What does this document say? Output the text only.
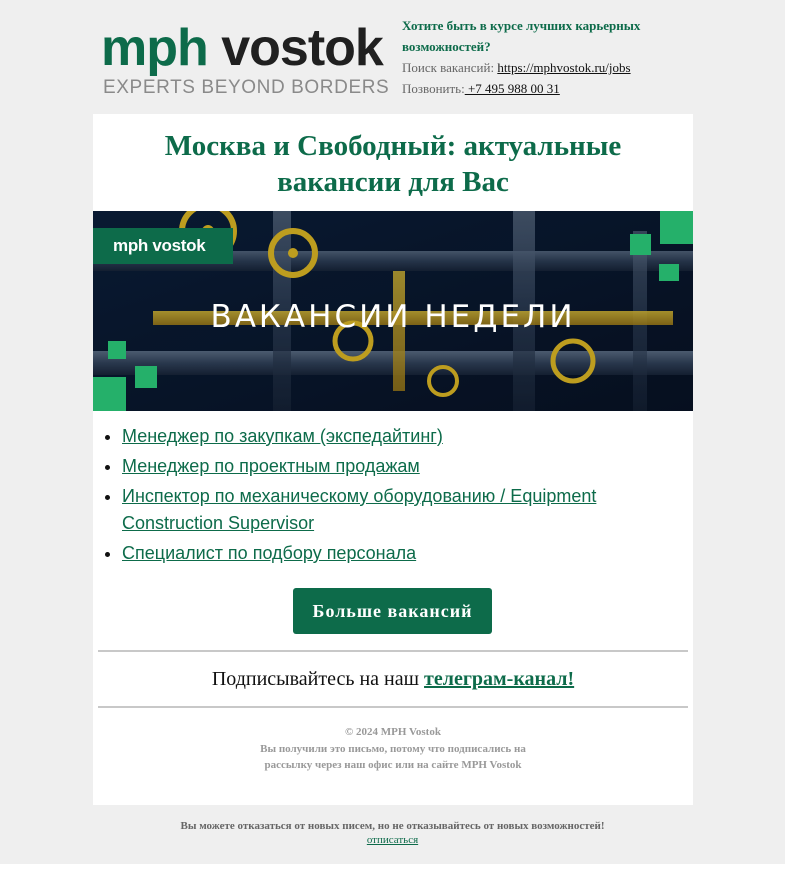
mph vostok
EXPERTS BEYOND BORDERS
Хотите быть в курсе лучших карьерных возможностей?
Поиск вакансий: https://mphvostok.ru/jobs
Позвонить: +7 495 988 00 31
Москва и Свободный: актуальные вакансии для Вас
mph vostok
ВАКАНСИИ НЕДЕЛИ
• Менеджер по закупкам (экспедайтинг)
• Менеджер по проектным продажам
• Инспектор по механическому оборудованию / Equipment Construction Supervisor
• Специалист по подбору персонала
Больше вакансий
Подписывайтесь на наш телеграм-канал!
© 2024 MPH Vostok
Вы получили это письмо, потому что подписались на рассылку через наш офис или на сайте MPH Vostok
Вы можете отказаться от новых писем, но не отказывайтесь от новых возможностей!
отписаться
